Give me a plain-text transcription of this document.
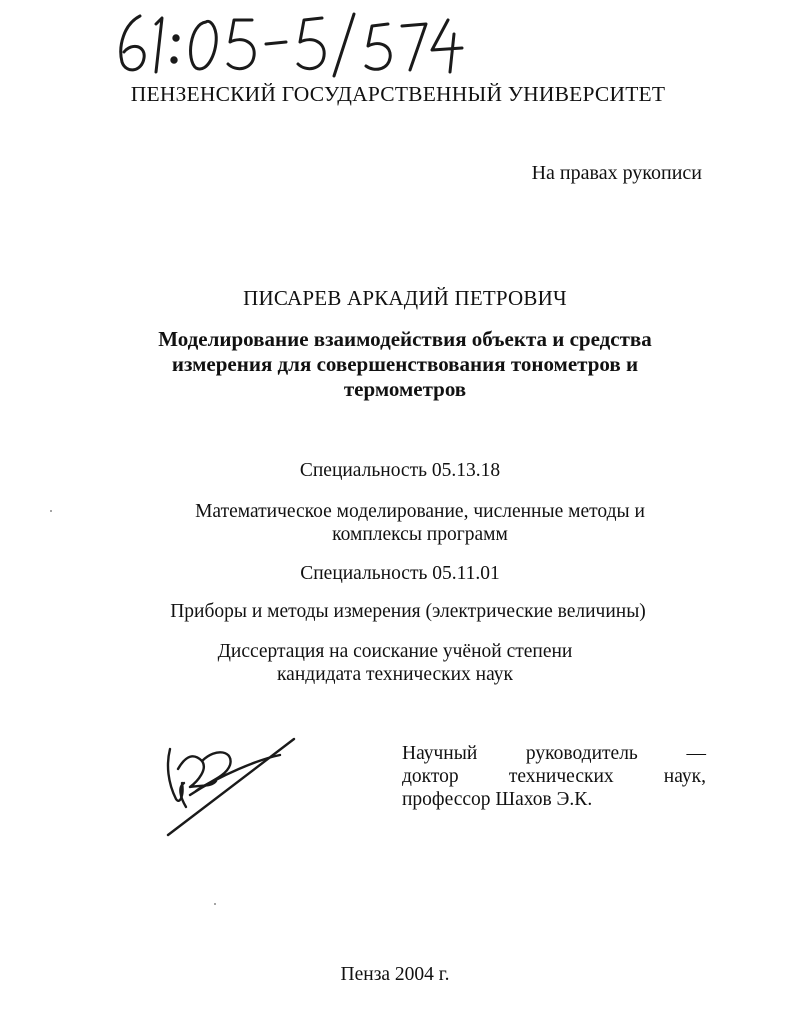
ПЕНЗЕНСКИЙ ГОСУДАРСТВЕННЫЙ УНИВЕРСИТЕТ

На правах рукописи

ПИСАРЕВ АРКАДИЙ ПЕТРОВИЧ

Моделирование взаимодействия объекта и средства
измерения для совершенствования тонометров и
термометров

Специальность 05.13.18

Математическое моделирование, численные методы и
комплексы программ

Специальность 05.11.01

Приборы и методы измерения (электрические величины)

Диссертация на соискание учёной степени
кандидата технических наук
Научный руководитель —
доктор технических наук,
профессор Шахов Э.К.

Пенза 2004 г.
